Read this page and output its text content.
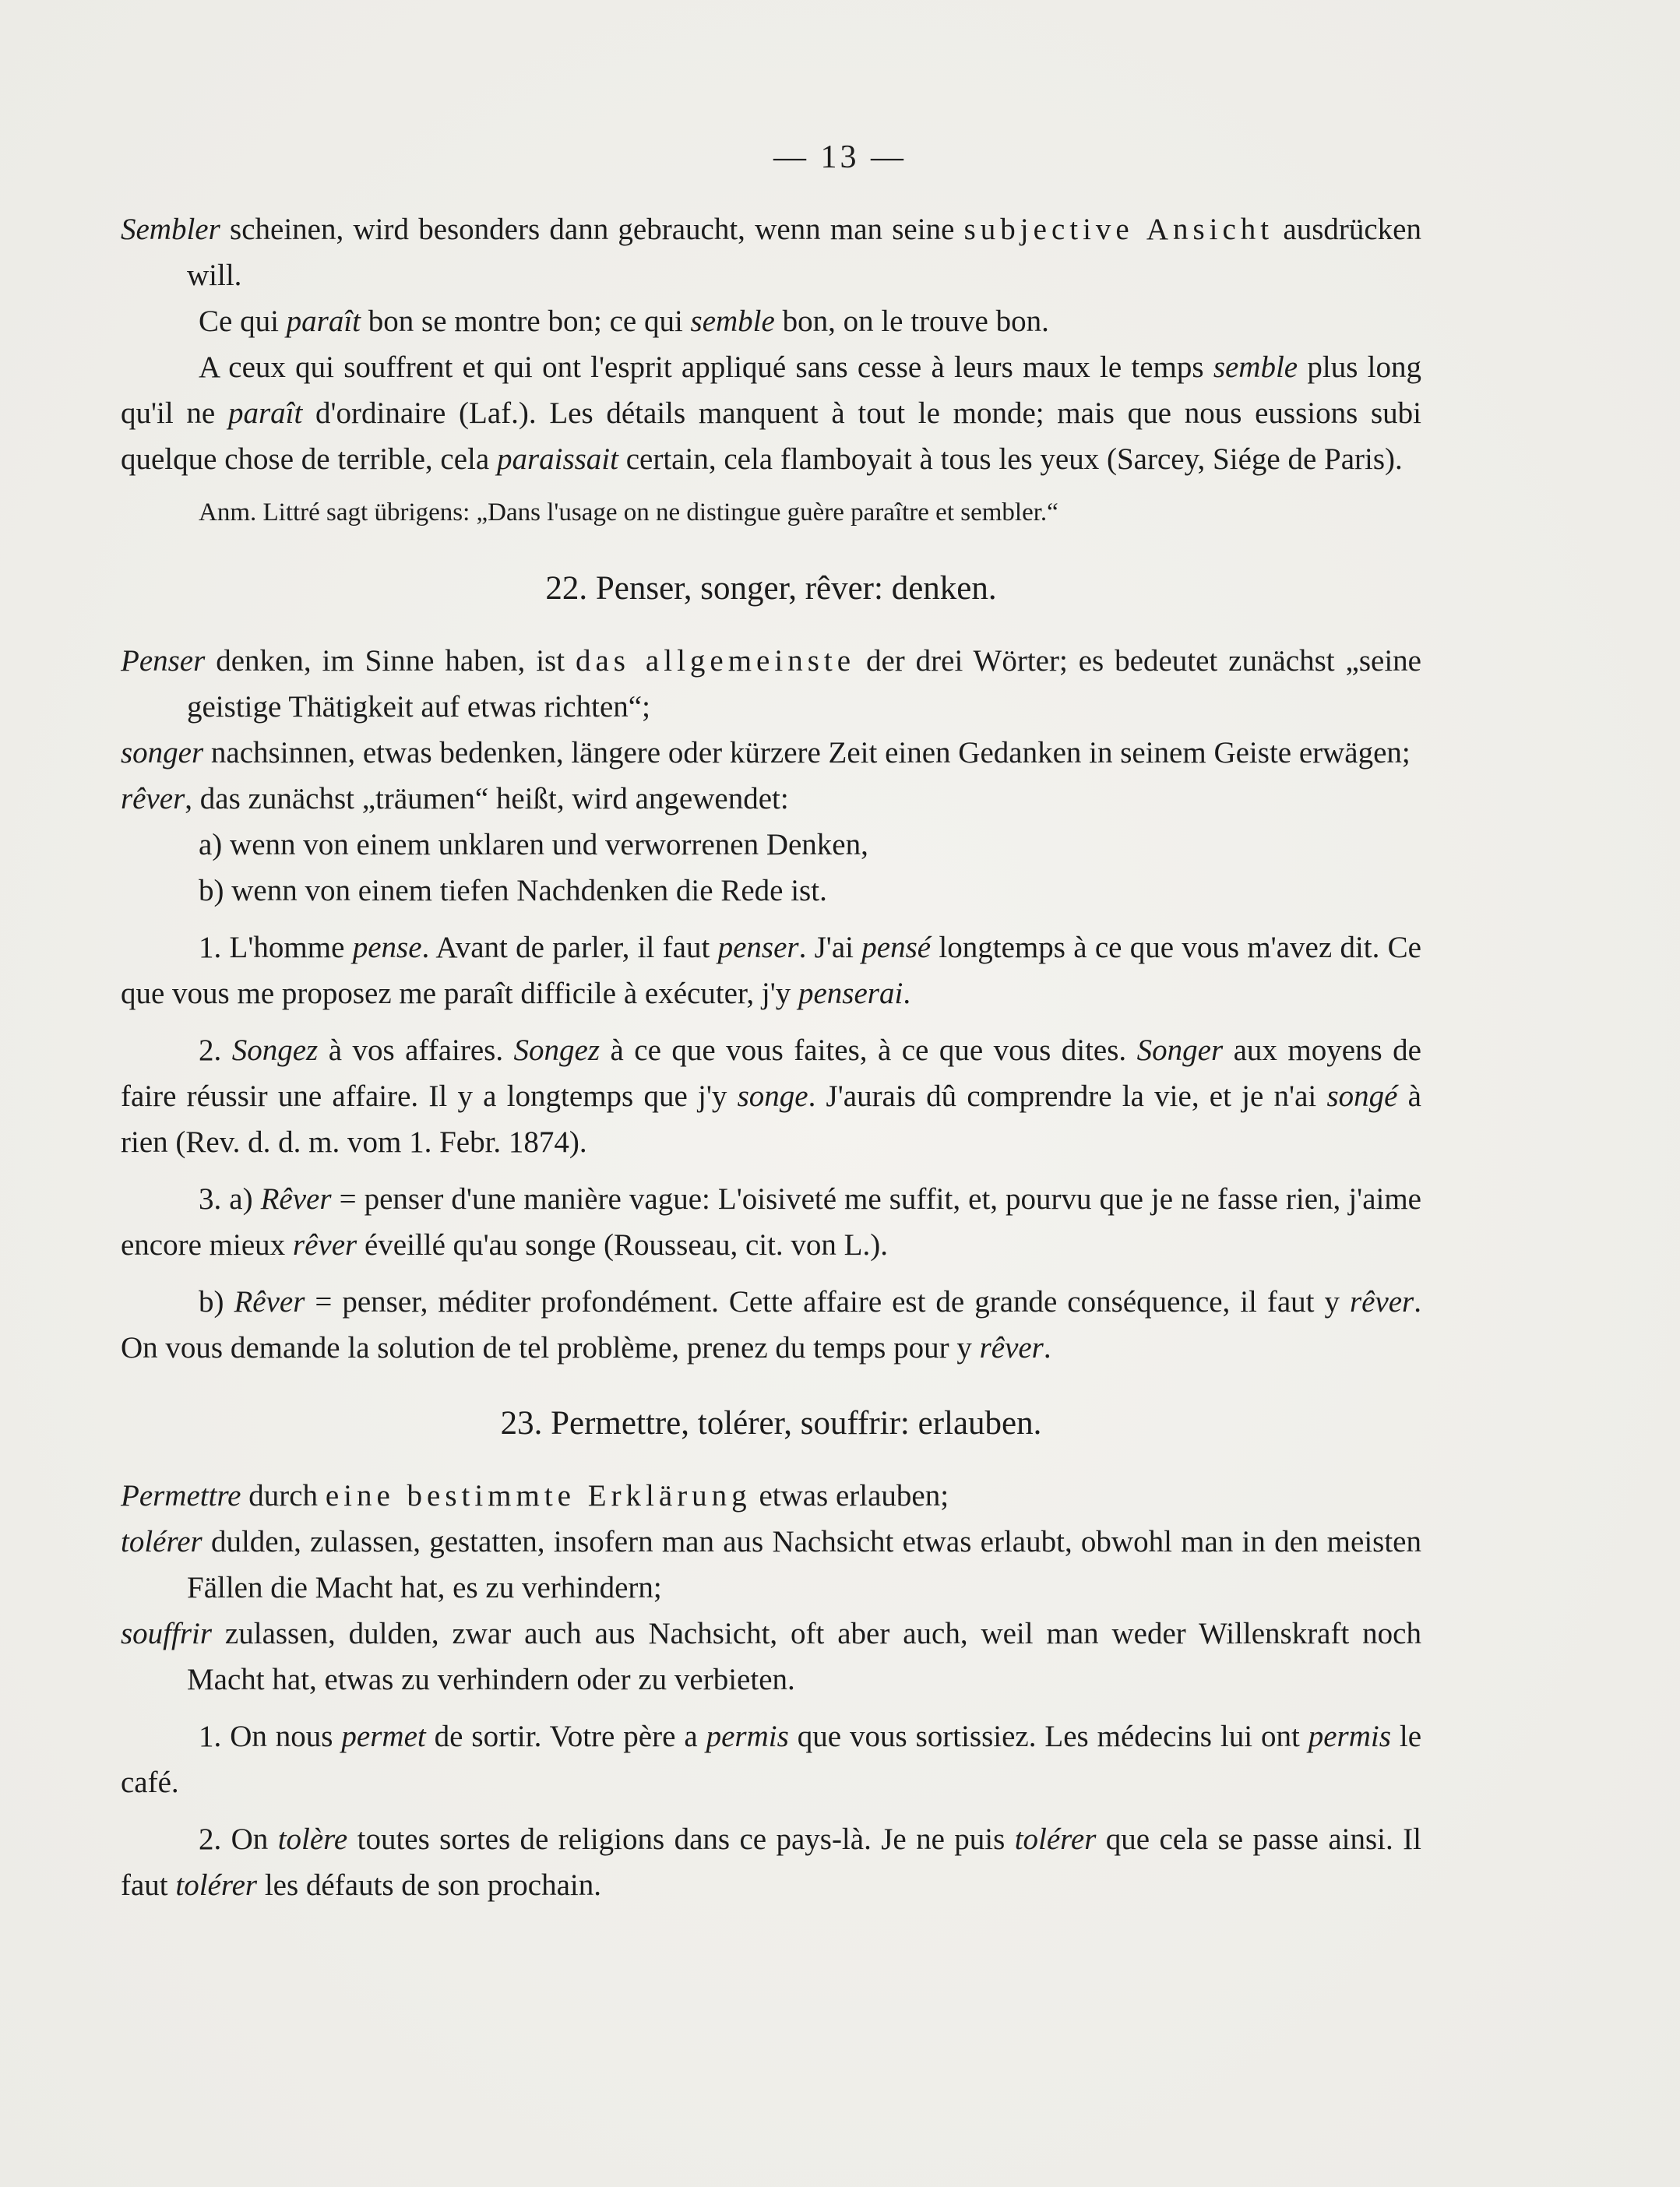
— 13 —
Sembler scheinen, wird besonders dann gebraucht, wenn man seine subjective Ansicht ausdrücken will.
Ce qui paraît bon se montre bon; ce qui semble bon, on le trouve bon.
A ceux qui souffrent et qui ont l'esprit appliqué sans cesse à leurs maux le temps semble plus long qu'il ne paraît d'ordinaire (Laf.). Les détails manquent à tout le monde; mais que nous eussions subi quelque chose de terrible, cela paraissait certain, cela flamboyait à tous les yeux (Sarcey, Siége de Paris).
Anm. Littré sagt übrigens: „Dans l'usage on ne distingue guère paraître et sembler.“
22. Penser, songer, rêver: denken.
Penser denken, im Sinne haben, ist das allgemeinste der drei Wörter; es bedeutet zunächst „seine geistige Thätigkeit auf etwas richten“;
songer nachsinnen, etwas bedenken, längere oder kürzere Zeit einen Gedanken in seinem Geiste erwägen;
rêver, das zunächst „träumen“ heißt, wird angewendet:
a) wenn von einem unklaren und verworrenen Denken,
b) wenn von einem tiefen Nachdenken die Rede ist.
1. L'homme pense. Avant de parler, il faut penser. J'ai pensé longtemps à ce que vous m'avez dit. Ce que vous me proposez me paraît difficile à exécuter, j'y penserai.
2. Songez à vos affaires. Songez à ce que vous faites, à ce que vous dites. Songer aux moyens de faire réussir une affaire. Il y a longtemps que j'y songe. J'aurais dû comprendre la vie, et je n'ai songé à rien (Rev. d. d. m. vom 1. Febr. 1874).
3. a) Rêver = penser d'une manière vague: L'oisiveté me suffit, et, pourvu que je ne fasse rien, j'aime encore mieux rêver éveillé qu'au songe (Rousseau, cit. von L.).
b) Rêver = penser, méditer profondément. Cette affaire est de grande conséquence, il faut y rêver. On vous demande la solution de tel problème, prenez du temps pour y rêver.
23. Permettre, tolérer, souffrir: erlauben.
Permettre durch eine bestimmte Erklärung etwas erlauben;
tolérer dulden, zulassen, gestatten, insofern man aus Nachsicht etwas erlaubt, obwohl man in den meisten Fällen die Macht hat, es zu verhindern;
souffrir zulassen, dulden, zwar auch aus Nachsicht, oft aber auch, weil man weder Willenskraft noch Macht hat, etwas zu verhindern oder zu verbieten.
1. On nous permet de sortir. Votre père a permis que vous sortissiez. Les médecins lui ont permis le café.
2. On tolère toutes sortes de religions dans ce pays-là. Je ne puis tolérer que cela se passe ainsi. Il faut tolérer les défauts de son prochain.
